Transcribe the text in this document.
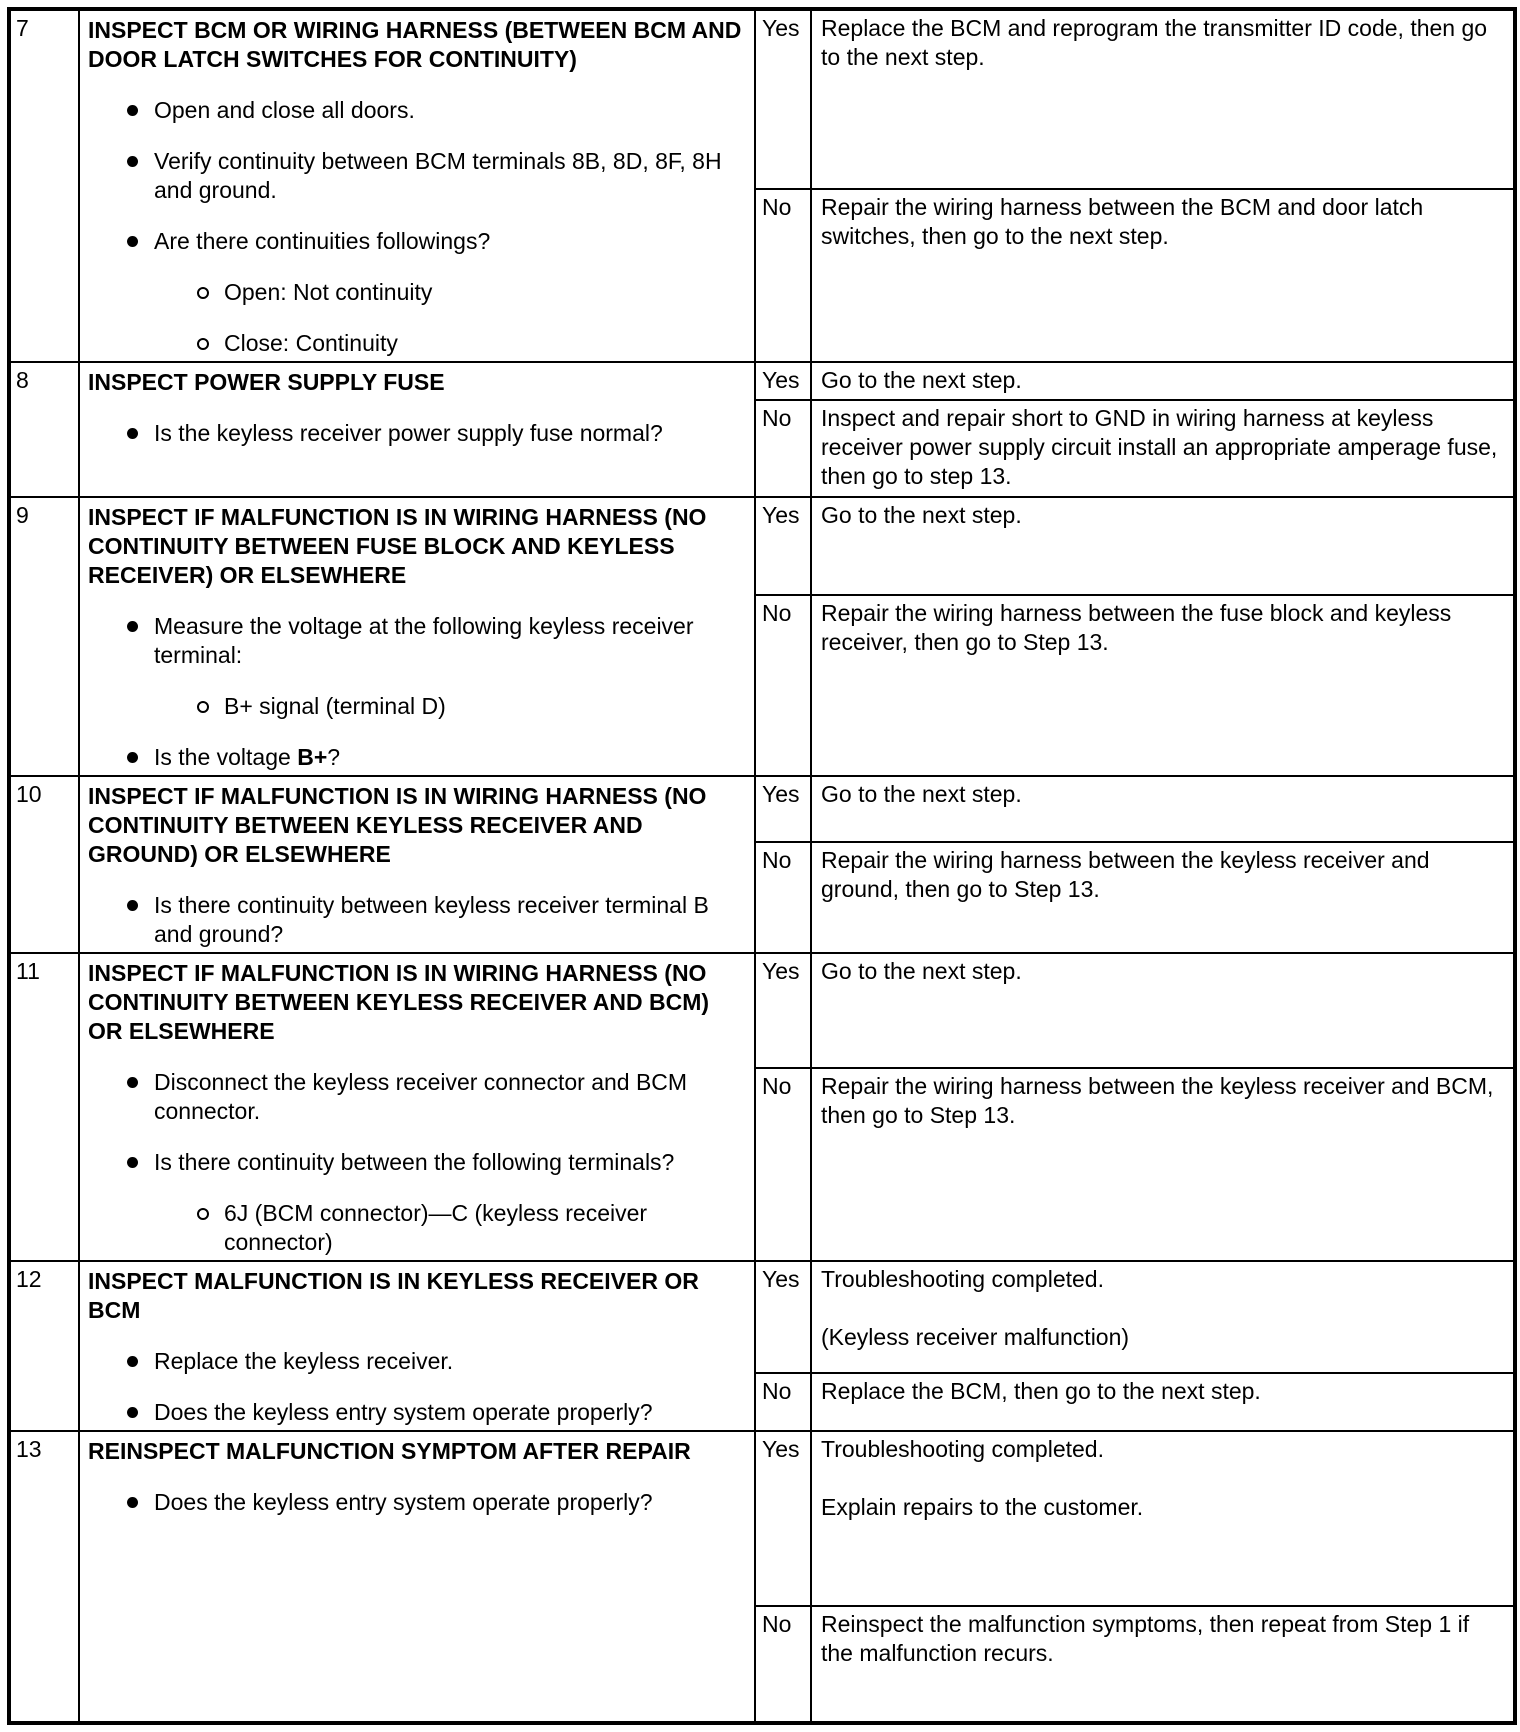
7	INSPECT BCM OR WIRING HARNESS (BETWEEN BCM AND DOOR LATCH SWITCHES FOR CONTINUITY)
Open and close all doors.
Verify continuity between BCM terminals 8B, 8D, 8F, 8H and ground.
Are there continuities followings?
Open: Not continuity
Close: Continuity
	Yes	Replace the BCM and reprogram the transmitter ID code, then go to the next step.

		No	Repair the wiring harness between the BCM and door latch switches, then go to the next step.

8	INSPECT POWER SUPPLY FUSE
Is the keyless receiver power supply fuse normal?	Yes	Go to the next step.

		No	Inspect and repair short to GND in wiring harness at keyless receiver power supply circuit install an appropriate amperage fuse, then go to step 13.

9	INSPECT IF MALFUNCTION IS IN WIRING HARNESS (NO CONTINUITY BETWEEN FUSE BLOCK AND KEYLESS RECEIVER) OR ELSEWHERE
Measure the voltage at the following keyless receiver terminal:
B+ signal (terminal D)
Is the voltage B+?	Yes	Go to the next step.

		No	Repair the wiring harness between the fuse block and keyless receiver, then go to Step 13.

10	INSPECT IF MALFUNCTION IS IN WIRING HARNESS (NO CONTINUITY BETWEEN KEYLESS RECEIVER AND GROUND) OR ELSEWHERE
Is there continuity between keyless receiver terminal B and ground?	Yes	Go to the next step.

		No	Repair the wiring harness between the keyless receiver and ground, then go to Step 13.

11	INSPECT IF MALFUNCTION IS IN WIRING HARNESS (NO CONTINUITY BETWEEN KEYLESS RECEIVER AND BCM) OR ELSEWHERE
Disconnect the keyless receiver connector and BCM connector.
Is there continuity between the following terminals?
6J (BCM connector)—C (keyless receiver connector)	Yes	Go to the next step.

		No	Repair the wiring harness between the keyless receiver and BCM, then go to Step 13.

12	INSPECT MALFUNCTION IS IN KEYLESS RECEIVER OR BCM
Replace the keyless receiver.
Does the keyless entry system operate properly?
	Yes	Troubleshooting completed.
(Keyless receiver malfunction)

		No	Replace the BCM, then go to the next step.

13	REINSPECT MALFUNCTION SYMPTOM AFTER REPAIR
Does the keyless entry system operate properly?
	Yes	Troubleshooting completed.
Explain repairs to the customer.

		No	Reinspect the malfunction symptoms, then repeat from Step 1 if the malfunction recurs.
